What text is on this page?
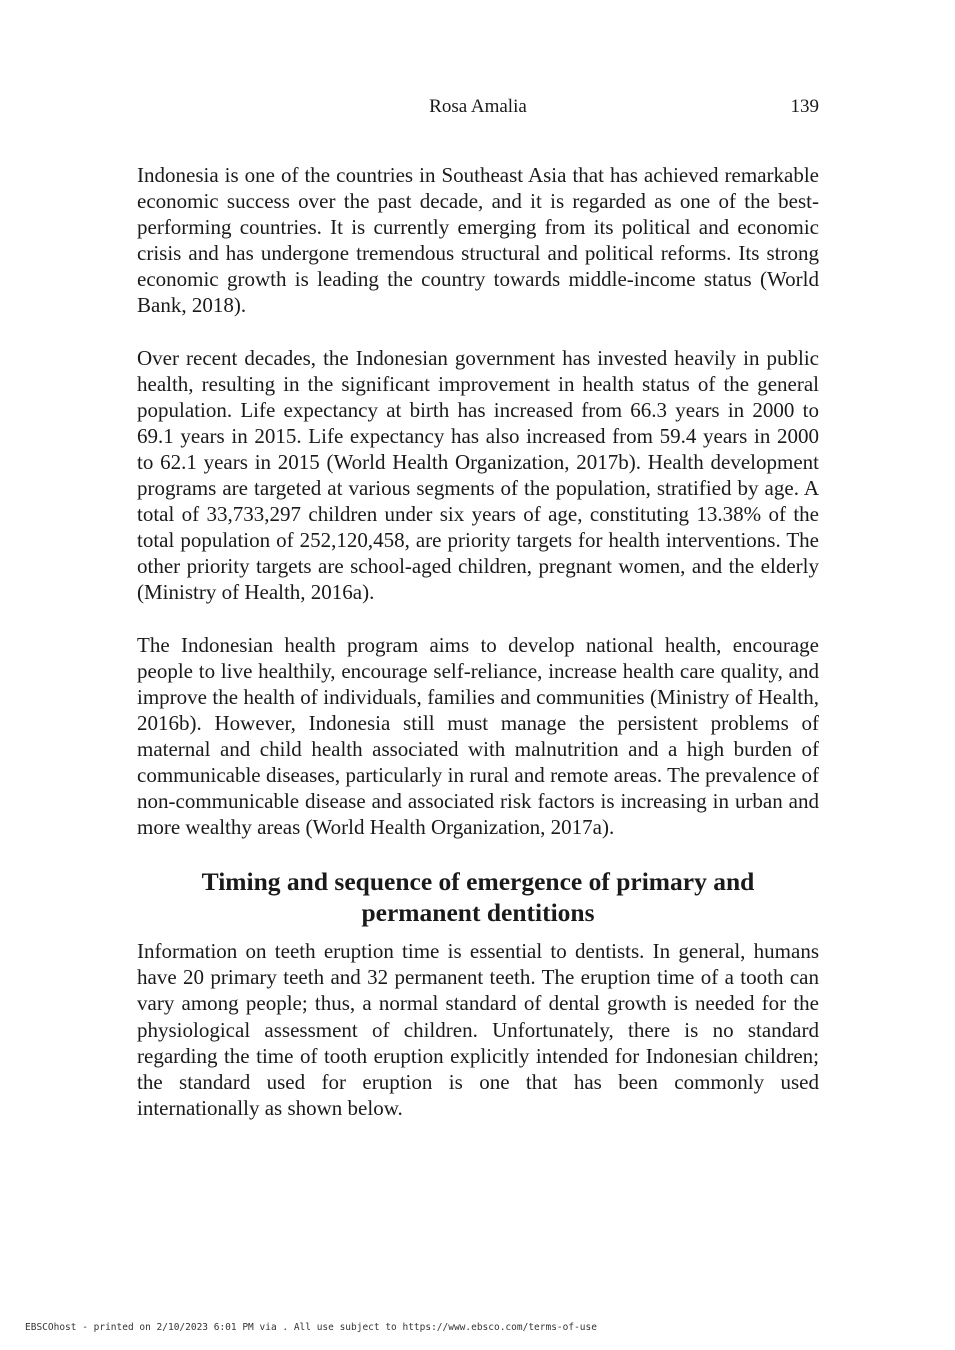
Rosa Amalia	139

Indonesia is one of the countries in Southeast Asia that has achieved remarkable economic success over the past decade, and it is regarded as one of the best-performing countries. It is currently emerging from its political and economic crisis and has undergone tremendous structural and political reforms. Its strong economic growth is leading the country towards middle-income status (World Bank, 2018).

Over recent decades, the Indonesian government has invested heavily in public health, resulting in the significant improvement in health status of the general population. Life expectancy at birth has increased from 66.3 years in 2000 to 69.1 years in 2015. Life expectancy has also increased from 59.4 years in 2000 to 62.1 years in 2015 (World Health Organization, 2017b). Health development programs are targeted at various segments of the population, stratified by age. A total of 33,733,297 children under six years of age, constituting 13.38% of the total population of 252,120,458, are priority targets for health interventions. The other priority targets are school-aged children, pregnant women, and the elderly (Ministry of Health, 2016a).

The Indonesian health program aims to develop national health, encourage people to live healthily, encourage self-reliance, increase health care quality, and improve the health of individuals, families and communities (Ministry of Health, 2016b). However, Indonesia still must manage the persistent problems of maternal and child health associated with malnutrition and a high burden of communicable diseases, particularly in rural and remote areas. The prevalence of non-communicable disease and associated risk factors is increasing in urban and more wealthy areas (World Health Organization, 2017a).

Timing and sequence of emergence of primary and permanent dentitions

Information on teeth eruption time is essential to dentists. In general, humans have 20 primary teeth and 32 permanent teeth. The eruption time of a tooth can vary among people; thus, a normal standard of dental growth is needed for the physiological assessment of children. Unfortunately, there is no standard regarding the time of tooth eruption explicitly intended for Indonesian children; the standard used for eruption is one that has been commonly used internationally as shown below.

EBSCOhost - printed on 2/10/2023 6:01 PM via . All use subject to https://www.ebsco.com/terms-of-use
